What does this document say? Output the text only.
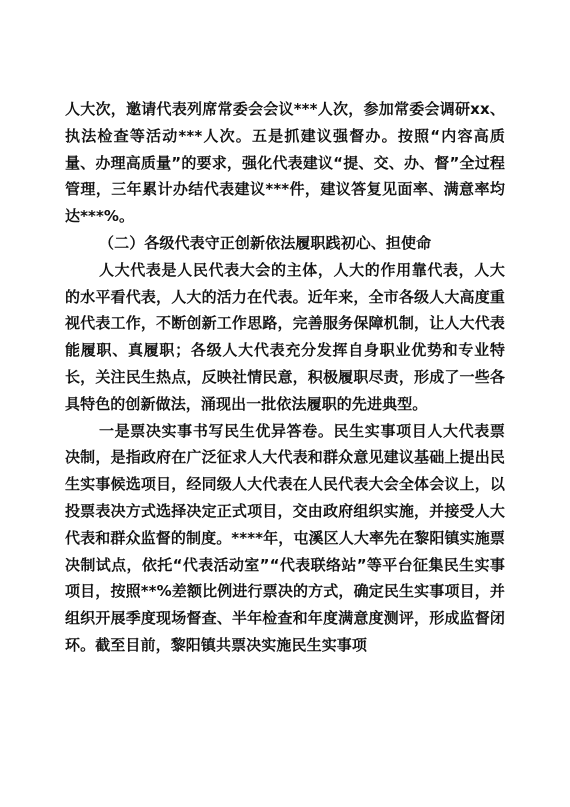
人大次，邀请代表列席常委会会议***人次，参加常委会调研xx、执法检查等活动***人次。五是抓建议强督办。按照“内容高质量、办理高质量”的要求，强化代表建议“提、交、办、督”全过程管理，三年累计办结代表建议***件，建议答复见面率、满意率均达***%。

（二）各级代表守正创新依法履职践初心、担使命

人大代表是人民代表大会的主体，人大的作用靠代表，人大的水平看代表，人大的活力在代表。近年来，全市各级人大高度重视代表工作，不断创新工作思路，完善服务保障机制，让人大代表能履职、真履职；各级人大代表充分发挥自身职业优势和专业特长，关注民生热点，反映社情民意，积极履职尽责，形成了一些各具特色的创新做法，涌现出一批依法履职的先进典型。

一是票决实事书写民生优异答卷。民生实事项目人大代表票决制，是指政府在广泛征求人大代表和群众意见建议基础上提出民生实事候选项目，经同级人大代表在人民代表大会全体会议上，以投票表决方式选择决定正式项目，交由政府组织实施，并接受人大代表和群众监督的制度。****年，屯溪区人大率先在黎阳镇实施票决制试点，依托“代表活动室”“代表联络站”等平台征集民生实事项目，按照**%差额比例进行票决的方式，确定民生实事项目，并组织开展季度现场督查、半年检查和年度满意度测评，形成监督闭环。截至目前，黎阳镇共票决实施民生实事项
